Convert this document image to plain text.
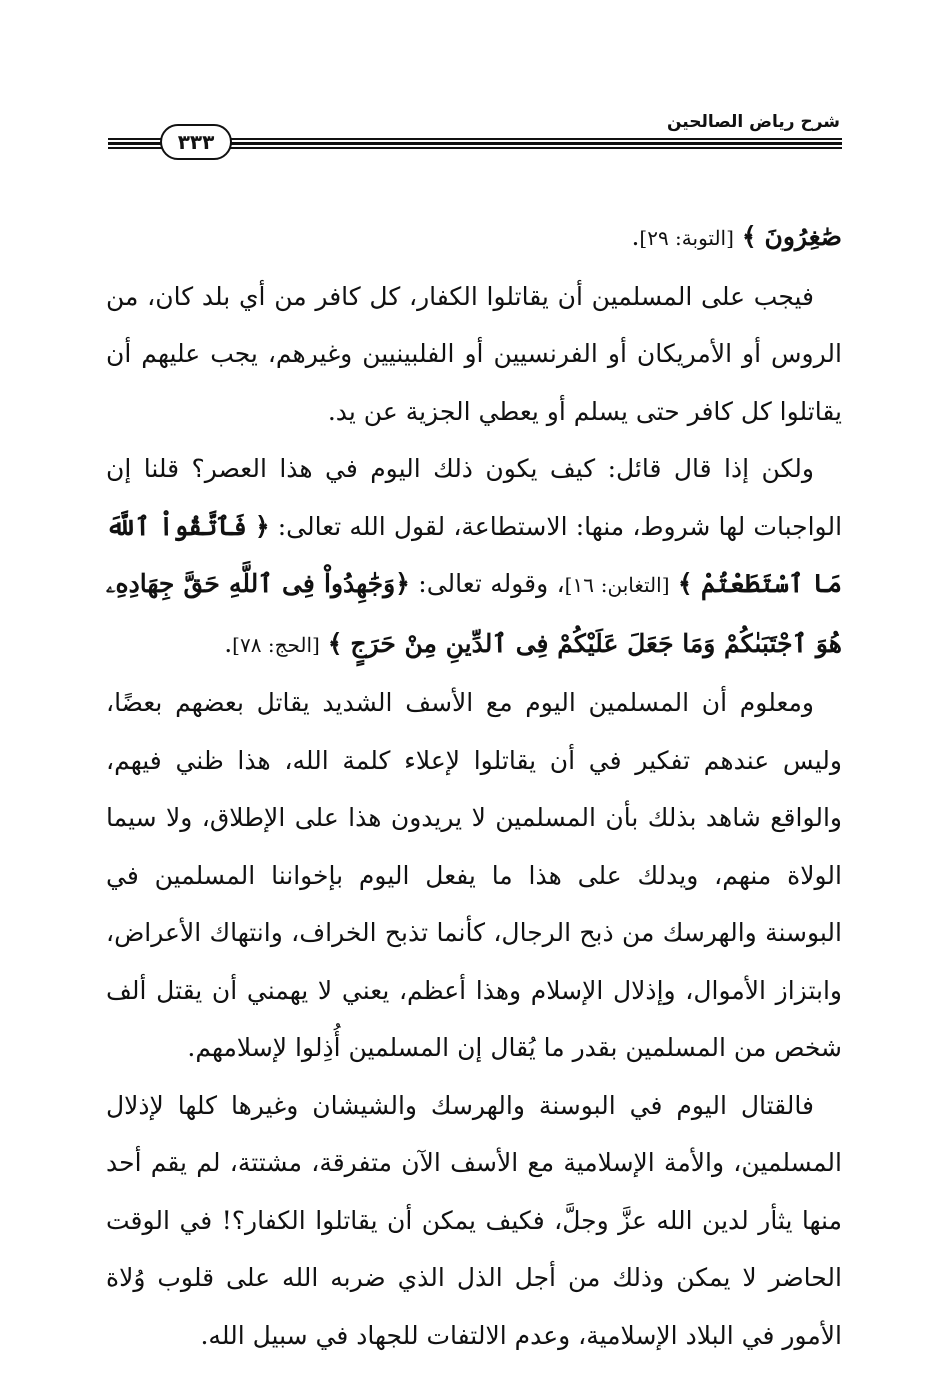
شرح رياض الصالحين
٣٣٣

صَٰغِرُونَ ﴾ [التوبة: ٢٩].

فيجب على المسلمين أن يقاتلوا الكفار، كل كافر من أي بلد كان، من الروس أو الأمريكان أو الفرنسيين أو الفلبينيين وغيرهم، يجب عليهم أن يقاتلوا كل كافر حتى يسلم أو يعطي الجزية عن يد.

ولكن إذا قال قائل: كيف يكون ذلك اليوم في هذا العصر؟ قلنا إن الواجبات لها شروط، منها: الاستطاعة، لقول الله تعالى: ﴿ فَٱتَّقُواْ ٱللَّهَ مَا ٱسْتَطَعْتُمْ ﴾ [التغابن: ١٦]، وقوله تعالى: ﴿وَجَٰهِدُواْ فِى ٱللَّهِ حَقَّ جِهَادِهِۦ هُوَ ٱجْتَبَىٰكُمْ وَمَا جَعَلَ عَلَيْكُمْ فِى ٱلدِّينِ مِنْ حَرَجٍ ﴾ [الحج: ٧٨].

ومعلوم أن المسلمين اليوم مع الأسف الشديد يقاتل بعضهم بعضًا، وليس عندهم تفكير في أن يقاتلوا لإعلاء كلمة الله، هذا ظني فيهم، والواقع شاهد بذلك بأن المسلمين لا يريدون هذا على الإطلاق، ولا سيما الولاة منهم، ويدلك على هذا ما يفعل اليوم بإخواننا المسلمين في البوسنة والهرسك من ذبح الرجال، كأنما تذبح الخراف، وانتهاك الأعراض، وابتزاز الأموال، وإذلال الإسلام وهذا أعظم، يعني لا يهمني أن يقتل ألف شخص من المسلمين بقدر ما يُقال إن المسلمين أُذِلوا لإسلامهم.

فالقتال اليوم في البوسنة والهرسك والشيشان وغيرها كلها لإذلال المسلمين، والأمة الإسلامية مع الأسف الآن متفرقة، مشتتة، لم يقم أحد منها يثأر لدين الله عزَّ وجلَّ، فكيف يمكن أن يقاتلوا الكفار؟! في الوقت الحاضر لا يمكن وذلك من أجل الذل الذي ضربه الله على قلوب وُلاة الأمور في البلاد الإسلامية، وعدم الالتفات للجهاد في سبيل الله.
